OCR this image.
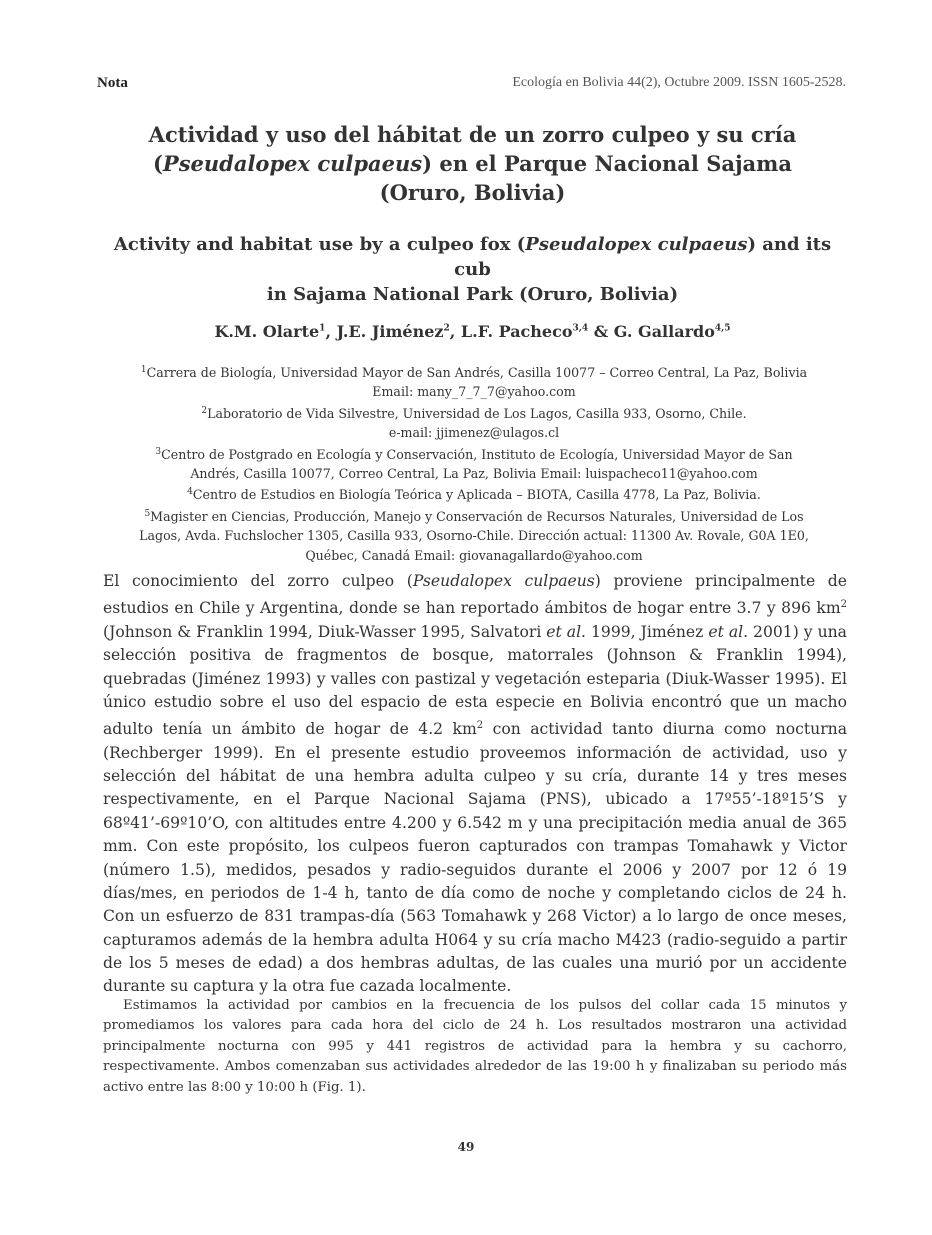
Nota	Ecología en Bolivia 44(2), Octubre 2009. ISSN 1605-2528.
Actividad y uso del hábitat de un zorro culpeo y su cría
(Pseudalopex culpaeus) en el Parque Nacional Sajama
(Oruro, Bolivia)
Activity and habitat use by a culpeo fox (Pseudalopex culpaeus) and its cub
in Sajama National Park (Oruro, Bolivia)
K.M. Olarte$^1$, J.E. Jiménez$^2$, L.F. Pacheco$^{3,4}$ & G. Gallardo$^{4,5}$
$^1$Carrera de Biología, Universidad Mayor de San Andrés, Casilla 10077 – Correo Central, La Paz, Bolivia
Email: many_7_7_7@yahoo.com
$^2$Laboratorio de Vida Silvestre, Universidad de Los Lagos, Casilla 933, Osorno, Chile.
e-mail: jjimenez@ulagos.cl
$^3$Centro de Postgrado en Ecología y Conservación, Instituto de Ecología, Universidad Mayor de San
Andrés, Casilla 10077, Correo Central, La Paz, Bolivia Email: luispacheco11@yahoo.com
$^4$Centro de Estudios en Biología Teórica y Aplicada – BIOTA, Casilla 4778, La Paz, Bolivia.
$^5$Magister en Ciencias, Producción, Manejo y Conservación de Recursos Naturales, Universidad de Los
Lagos, Avda. Fuchslocher 1305, Casilla 933, Osorno-Chile. Dirección actual: 11300 Av. Rovale, G0A 1E0,
Québec, Canadá Email: giovanagallardo@yahoo.com
El conocimiento del zorro culpeo (Pseudalopex culpaeus) proviene principalmente de estudios en Chile y Argentina, donde se han reportado ámbitos de hogar entre 3.7 y 896 $km^2$ (Johnson & Franklin 1994, Diuk-Wasser 1995, Salvatori et al. 1999, Jiménez et al. 2001) y una selección positiva de fragmentos de bosque, matorrales (Johnson & Franklin 1994), quebradas (Jiménez 1993) y valles con pastizal y vegetación esteparia (Diuk-Wasser 1995). El único estudio sobre el uso del espacio de esta especie en Bolivia encontró que un macho adulto tenía un ámbito de hogar de 4.2 $km^2$ con actividad tanto diurna como nocturna (Rechberger 1999). En el presente estudio proveemos información de actividad, uso y selección del hábitat de una hembra adulta culpeo y su cría, durante 14 y tres meses respectivamente, en el Parque Nacional Sajama (PNS), ubicado a 17º55’-18º15’S y 68º41’-69º10’O, con altitudes entre 4.200 y 6.542 m y una precipitación media anual de 365 mm. Con este propósito, los culpeos fueron capturados con trampas Tomahawk y Victor (número 1.5), medidos, pesados y radio-seguidos durante el 2006 y 2007 por 12 ó 19 días/mes, en periodos de 1-4 h, tanto de día como de noche y completando ciclos de 24 h. Con un esfuerzo de 831 trampas-día (563 Tomahawk y 268 Victor) a lo largo de once meses, capturamos además de la hembra adulta H064 y su cría macho M423 (radio-seguido a partir de los 5 meses de edad) a dos hembras adultas, de las cuales una murió por un accidente durante su captura y la otra fue cazada localmente.
Estimamos la actividad por cambios en la frecuencia de los pulsos del collar cada 15 minutos y promediamos los valores para cada hora del ciclo de 24 h. Los resultados mostraron una actividad principalmente nocturna con 995 y 441 registros de actividad para la hembra y su cachorro, respectivamente. Ambos comenzaban sus actividades alrededor de las 19:00 h y finalizaban su periodo más activo entre las 8:00 y 10:00 h (Fig. 1).
49
